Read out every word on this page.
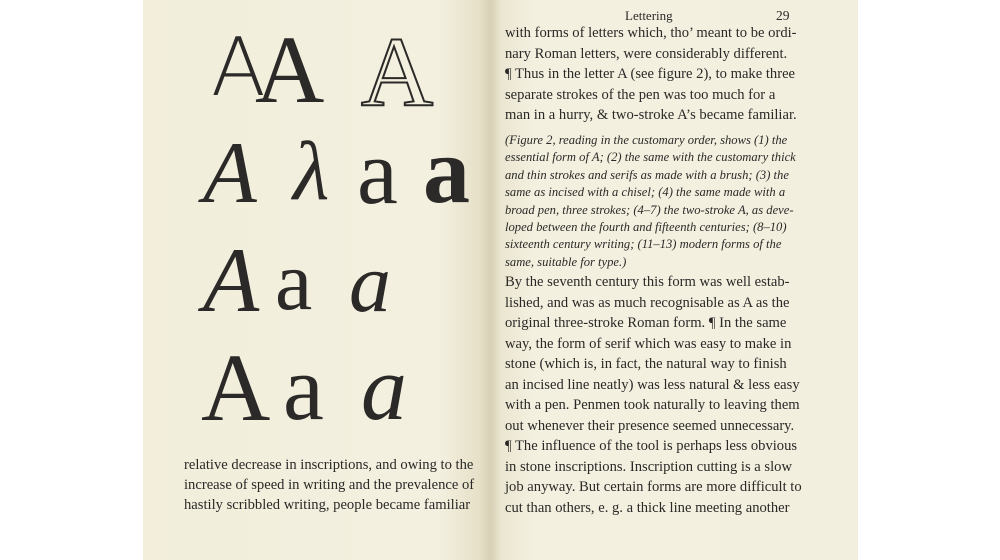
A
A A
A λ a a
A a a
A a a
relative decrease in inscriptions, and owing to the
increase of speed in writing and the prevalence of
hastily scribbled writing, people became familiar
Lettering	29
with forms of letters which, tho’ meant to be ordi-
nary Roman letters, were considerably different.
¶ Thus in the letter A (see figure 2), to make three
separate strokes of the pen was too much for a
man in a hurry, & two-stroke A’s became familiar.
(Figure 2, reading in the customary order, shows (1) the
essential form of A; (2) the same with the customary thick
and thin strokes and serifs as made with a brush; (3) the
same as incised with a chisel; (4) the same made with a
broad pen, three strokes; (4–7) the two-stroke A, as deve-
loped between the fourth and fifteenth centuries; (8–10)
sixteenth century writing; (11–13) modern forms of the
same, suitable for type.)
By the seventh century this form was well estab-
lished, and was as much recognisable as A as the
original three-stroke Roman form. ¶ In the same
way, the form of serif which was easy to make in
stone (which is, in fact, the natural way to finish
an incised line neatly) was less natural & less easy
with a pen. Penmen took naturally to leaving them
out whenever their presence seemed unnecessary.
¶ The influence of the tool is perhaps less obvious
in stone inscriptions. Inscription cutting is a slow
job anyway. But certain forms are more difficult to
cut than others, e. g. a thick line meeting another
